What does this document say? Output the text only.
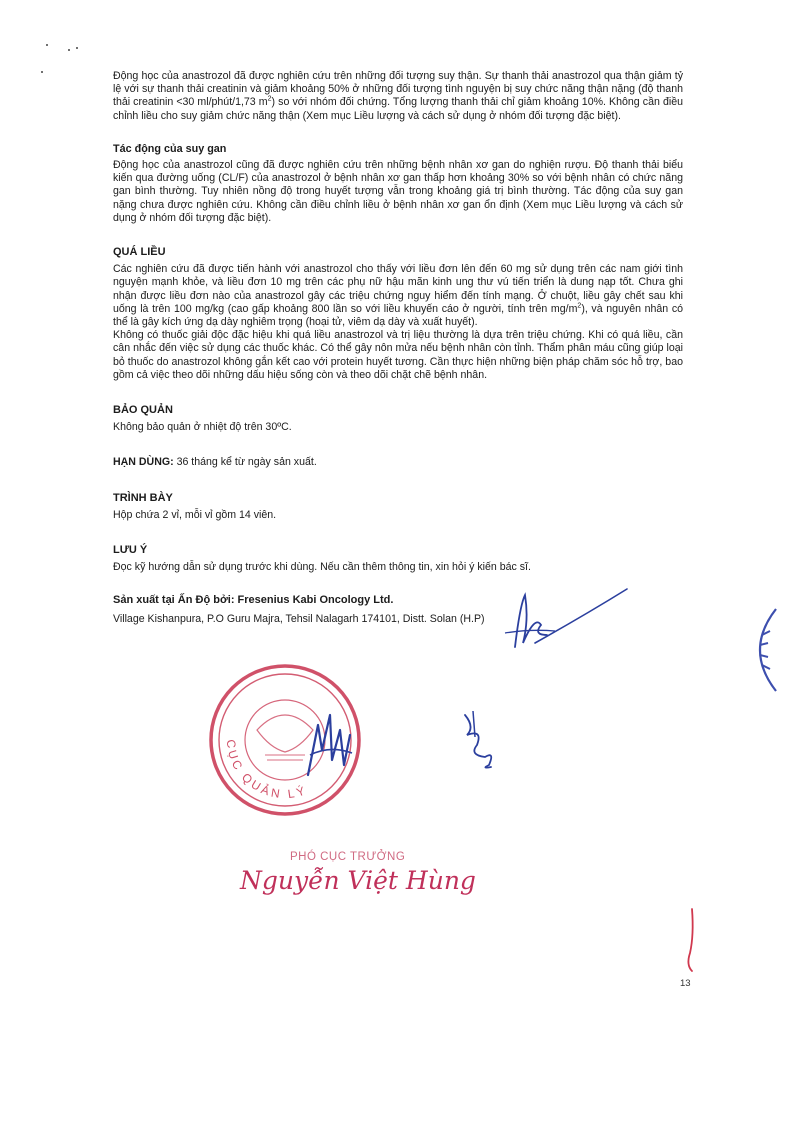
Động học của anastrozol đã được nghiên cứu trên những đối tượng suy thận. Sự thanh thải anastrozol qua thận giảm tỷ lệ với sự thanh thải creatinin và giảm khoảng 50% ở những đối tượng tình nguyện bị suy chức năng thận nặng (độ thanh thải creatinin <30 ml/phút/1,73 $m^2$) so với nhóm đối chứng. Tổng lượng thanh thải chỉ giảm khoảng 10%. Không cần điều chỉnh liều cho suy giảm chức năng thận (Xem mục Liều lượng và cách sử dụng ở nhóm đối tượng đặc biệt).

Tác động của suy gan

Động học của anastrozol cũng đã được nghiên cứu trên những bệnh nhân xơ gan do nghiện rượu. Độ thanh thải biểu kiến qua đường uống (CL/F) của anastrozol ở bệnh nhân xơ gan thấp hơn khoảng 30% so với bệnh nhân có chức năng gan bình thường. Tuy nhiên nồng độ trong huyết tượng vẫn trong khoảng giá trị bình thường. Tác động của suy gan nặng chưa được nghiên cứu. Không cần điều chỉnh liều ở bệnh nhân xơ gan ổn định (Xem mục Liều lượng và cách sử dụng ở nhóm đối tượng đặc biệt).

QUÁ LIỀU

Các nghiên cứu đã được tiến hành với anastrozol cho thấy với liều đơn lên đến 60 mg sử dụng trên các nam giới tình nguyện mạnh khỏe, và liều đơn 10 mg trên các phụ nữ hậu mãn kinh ung thư vú tiến triển là dung nạp tốt. Chưa ghi nhận được liều đơn nào của anastrozol gây các triệu chứng nguy hiểm đến tính mạng. Ở chuột, liều gây chết sau khi uống là trên 100 mg/kg (cao gấp khoảng 800 lần so với liều khuyến cáo ở người, tính trên $mg/m^2$), và nguyên nhân có thể là gây kích ứng dạ dày nghiêm trọng (hoại tử, viêm dạ dày và xuất huyết).

Không có thuốc giải độc đặc hiệu khi quá liều anastrozol và trị liệu thường là dựa trên triệu chứng. Khi có quá liều, cần cân nhắc đến việc sử dụng các thuốc khác. Có thể gây nôn mửa nếu bệnh nhân còn tỉnh. Thẩm phân máu cũng giúp loại bỏ thuốc do anastrozol không gắn kết cao với protein huyết tương. Cần thực hiện những biện pháp chăm sóc hỗ trợ, bao gồm cả việc theo dõi những dấu hiệu sống còn và theo dõi chặt chẽ bệnh nhân.

BẢO QUẢN

Không bảo quản ở nhiệt độ trên 30ºC.

HẠN DÙNG: 36 tháng kể từ ngày sản xuất.

TRÌNH BÀY

Hộp chứa 2 vỉ, mỗi vỉ gồm 14 viên.

LƯU Ý

Đọc kỹ hướng dẫn sử dụng trước khi dùng. Nếu cần thêm thông tin, xin hỏi ý kiến bác sĩ.

Sản xuất tại Ấn Độ bởi: Fresenius Kabi Oncology Ltd.

Village Kishanpura, P.O Guru Majra, Tehsil Nalagarh 174101, Distt. Solan (H.P)

CỤC QUẢN LÝ
PHÓ CỤC TRƯỞNG
Nguyễn Việt Hùng
13
